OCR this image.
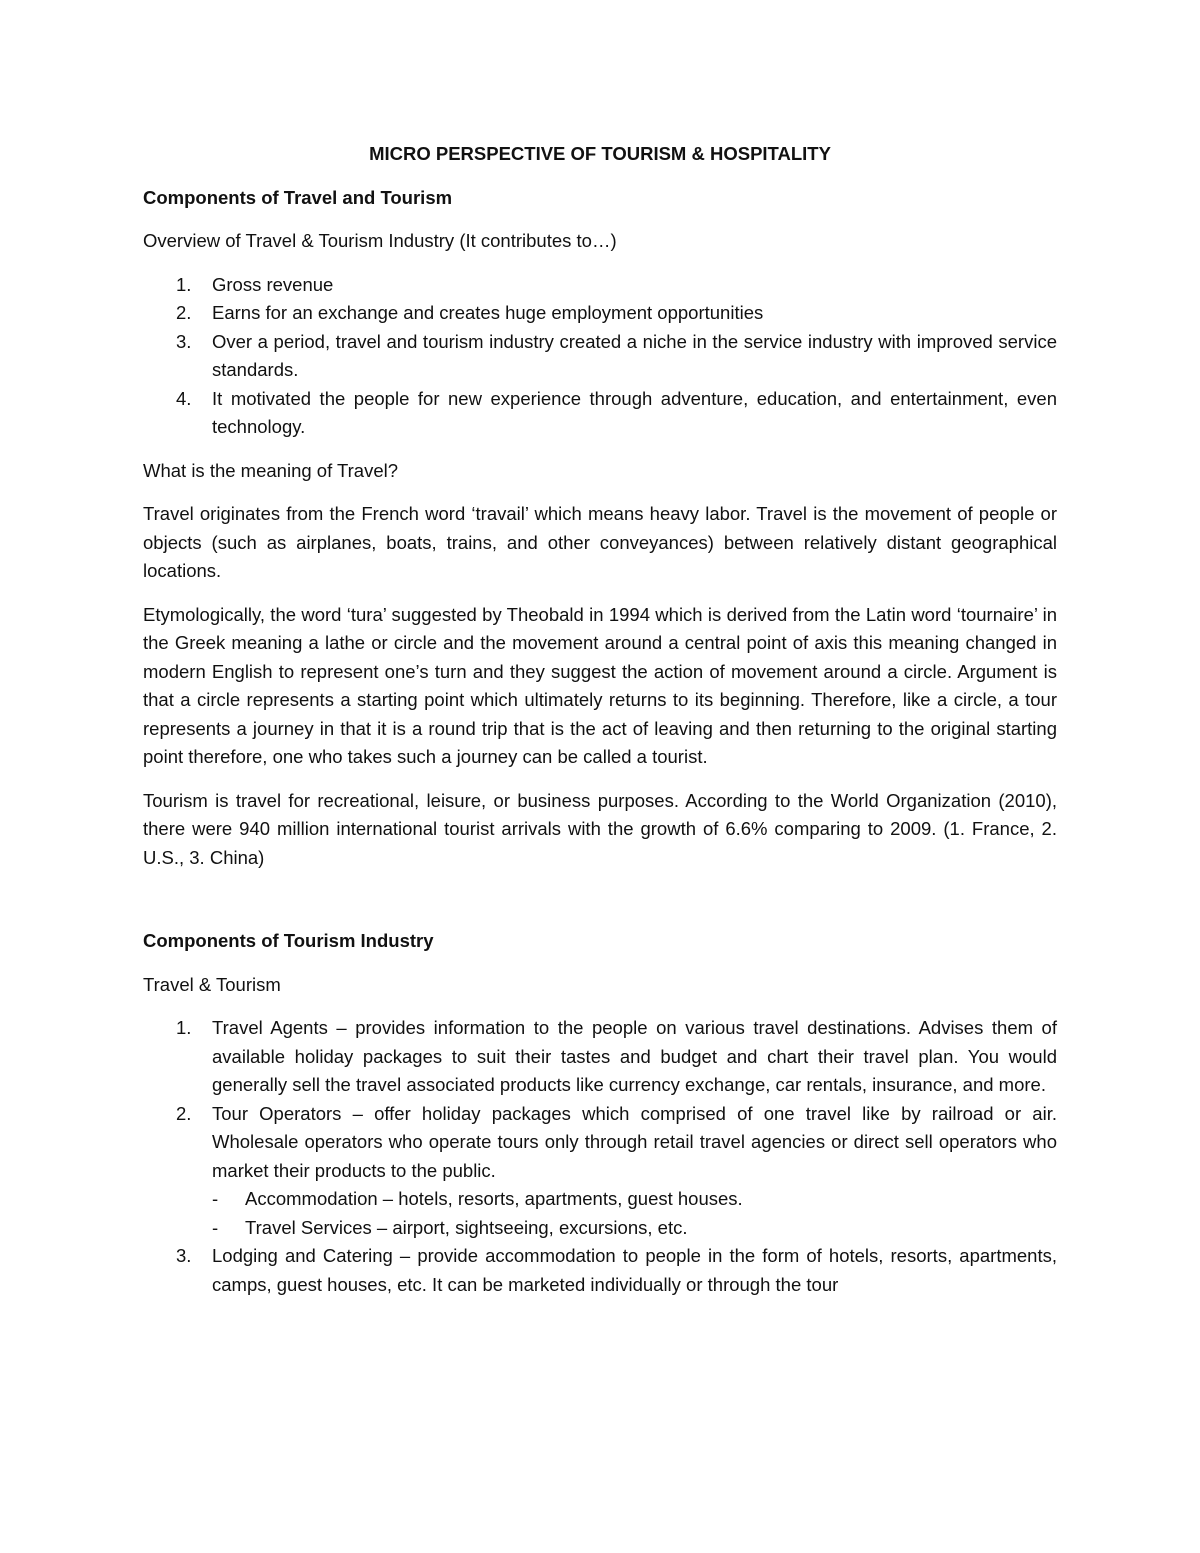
MICRO PERSPECTIVE OF TOURISM & HOSPITALITY
Components of Travel and Tourism
Overview of Travel & Tourism Industry (It contributes to…)
1. Gross revenue
2. Earns for an exchange and creates huge employment opportunities
3. Over a period, travel and tourism industry created a niche in the service industry with improved service standards.
4. It motivated the people for new experience through adventure, education, and entertainment, even technology.
What is the meaning of Travel?
Travel originates from the French word ‘travail’ which means heavy labor. Travel is the movement of people or objects (such as airplanes, boats, trains, and other conveyances) between relatively distant geographical locations.
Etymologically, the word ‘tura’ suggested by Theobald in 1994 which is derived from the Latin word ‘tournaire’ in the Greek meaning a lathe or circle and the movement around a central point of axis this meaning changed in modern English to represent one’s turn and they suggest the action of movement around a circle. Argument is that a circle represents a starting point which ultimately returns to its beginning. Therefore, like a circle, a tour represents a journey in that it is a round trip that is the act of leaving and then returning to the original starting point therefore, one who takes such a journey can be called a tourist.
Tourism is travel for recreational, leisure, or business purposes. According to the World Organization (2010), there were 940 million international tourist arrivals with the growth of 6.6% comparing to 2009. (1. France, 2. U.S., 3. China)
Components of Tourism Industry
Travel & Tourism
1. Travel Agents – provides information to the people on various travel destinations. Advises them of available holiday packages to suit their tastes and budget and chart their travel plan. You would generally sell the travel associated products like currency exchange, car rentals, insurance, and more.
2. Tour Operators – offer holiday packages which comprised of one travel like by railroad or air. Wholesale operators who operate tours only through retail travel agencies or direct sell operators who market their products to the public.
- Accommodation – hotels, resorts, apartments, guest houses.
- Travel Services – airport, sightseeing, excursions, etc.
3. Lodging and Catering – provide accommodation to people in the form of hotels, resorts, apartments, camps, guest houses, etc. It can be marketed individually or through the tour
